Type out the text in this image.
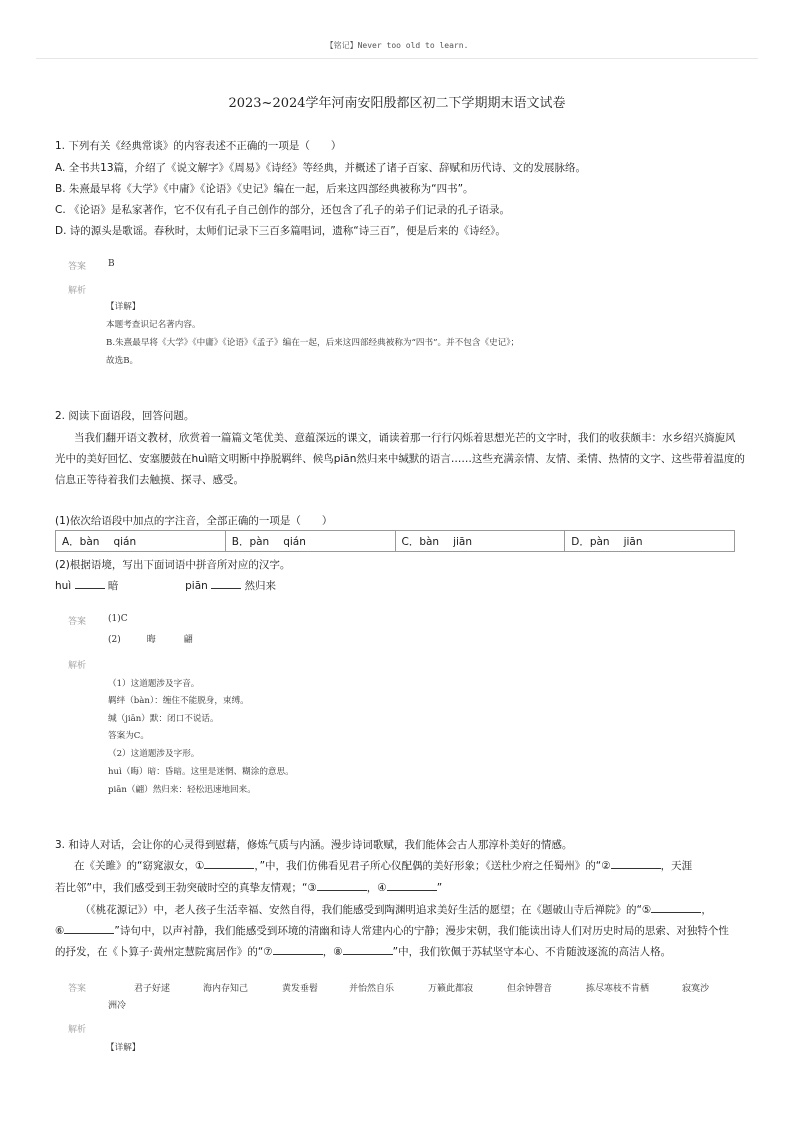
【铭记】Never too old to learn.
2023~2024学年河南安阳殷都区初二下学期期末语文试卷
1. 下列有关《经典常谈》的内容表述不正确的一项是（　　）
A. 全书共13篇，介绍了《说文解字》《周易》《诗经》等经典，并概述了诸子百家、辞赋和历代诗、文的发展脉络。
B. 朱熹最早将《大学》《中庸》《论语》《史记》编在一起，后来这四部经典被称为“四书”。
C. 《论语》是私家著作，它不仅有孔子自己创作的部分，还包含了孔子的弟子们记录的孔子语录。
D. 诗的源头是歌谣。春秋时，太师们记录下三百多篇唱词，遗称“诗三百”，便是后来的《诗经》。
答案 B
解析
【详解】
本题考查识记名著内容。
B.朱熹最早将《大学》《中庸》《论语》《孟子》编在一起，后来这四部经典被称为“四书”。并不包含《史记》；
故选B。
2. 阅读下面语段，回答问题。
当我们翻开语文教材，欣赏着一篇篇文笔优美、意蕴深远的课文，诵读着那一行行闪烁着思想光芒的文字时，我们的收获颇丰：水乡绍兴旖旎风
光中的美好回忆、安塞腰鼓在huì暗文明断中挣脱羁绊、候鸟piān然归来中缄默的语言……这些充满亲情、友情、柔情、热情的文字、这些带着温度的
信息正等待着我们去触摸、探寻、感受。
(1)依次给语段中加点的字注音，全部正确的一项是（　　）
A．bàn qián	B．pàn qián	C．bàn jiān	D．pàn jiān
(2)根据语境，写出下面词语中拼音所对应的汉字。
huì	暗	piān	然归来
答案 (1)C
(2)	晦	翩
解析
（1）这道题涉及字音。
羁绊（bàn）：缠住不能脱身，束缚。
缄（jiān）默：闭口不说话。
答案为C。
（2）这道题涉及字形。
huì（晦）暗：昏暗。这里是迷惘、糊涂的意思。
piān（翩）然归来：轻松迅速地回来。
3. 和诗人对话，会让你的心灵得到慰藉，修炼气质与内涵。漫步诗词歌赋，我们能体会古人那淳朴美好的情感。
在《关雎》的“窈窕淑女，①	，”中，我们仿佛看见君子所心仪配偶的美好形象；《送杜少府之任蜀州》的“②	，天涯
若比邻”中，我们感受到王勃突破时空的真挚友情观；“③	，④	”
（《桃花源记》）中，老人孩子生活幸福、安然自得，我们能感受到陶渊明追求美好生活的愿望；在《题破山寺后禅院》的“⑤	，
⑥	”诗句中，以声衬静，我们能感受到环境的清幽和诗人常建内心的宁静；漫步宋朝，我们能读出诗人们对历史时局的思索、对独特个性
的抒发，在《卜算子·黄州定慧院寓居作》的“⑦	，⑧	”中，我们钦佩于苏轼坚守本心、不肯随波逐流的高洁人格。
答案	君子好逑	海内存知己	黄发垂髫	并怡然自乐	万籁此都寂	但余钟磬音	拣尽寒枝不肯栖	寂寞沙
洲冷
解析
【详解】
